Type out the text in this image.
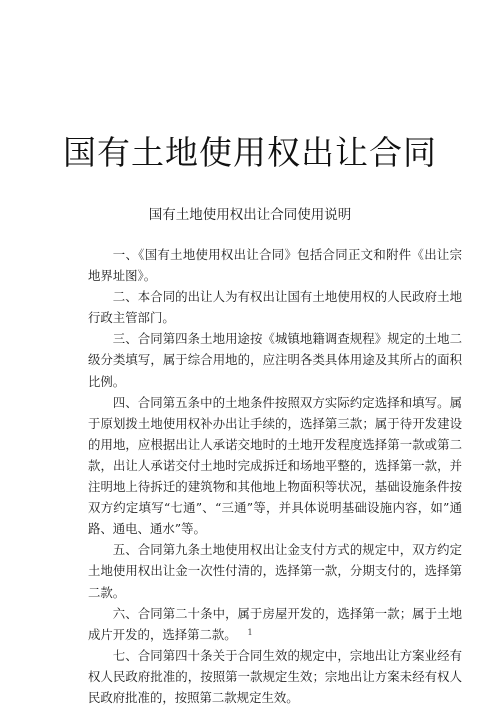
国有土地使用权出让合同
国有土地使用权出让合同使用说明

一、《国有土地使用权出让合同》包括合同正文和附件《出让宗地界址图》。

二、本合同的出让人为有权出让国有土地使用权的人民政府土地行政主管部门。

三、合同第四条土地用途按《城镇地籍调查规程》规定的土地二级分类填写，属于综合用地的，应注明各类具体用途及其所占的面积比例。

四、合同第五条中的土地条件按照双方实际约定选择和填写。属于原划拨土地使用权补办出让手续的，选择第三款；属于待开发建设的用地，应根据出让人承诺交地时的土地开发程度选择第一款或第二款，出让人承诺交付土地时完成拆迁和场地平整的，选择第一款，并注明地上待拆迁的建筑物和其他地上物面积等状况，基础设施条件按双方约定填写“七通”、“三通”等，并具体说明基础设施内容，如”通路、通电、通水”等。

五、合同第九条土地使用权出让金支付方式的规定中，双方约定土地使用权出让金一次性付清的，选择第一款，分期支付的，选择第二款。

六、合同第二十条中，属于房屋开发的，选择第一款；属于土地成片开发的，选择第二款。

七、合同第四十条关于合同生效的规定中，宗地出让方案业经有权人民政府批准的，按照第一款规定生效；宗地出让方案未经有权人民政府批准的，按照第二款规定生效。

1
